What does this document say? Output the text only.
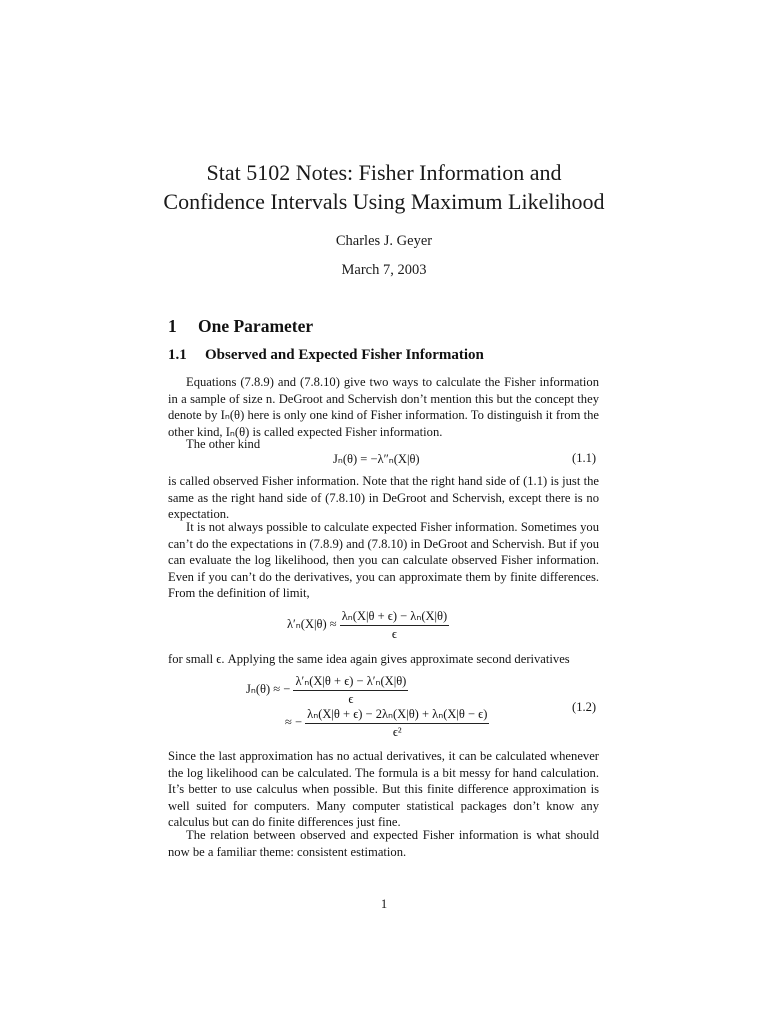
Stat 5102 Notes: Fisher Information and
Confidence Intervals Using Maximum Likelihood
Charles J. Geyer
March 7, 2003
1 One Parameter
1.1 Observed and Expected Fisher Information
Equations (7.8.9) and (7.8.10) give two ways to calculate the Fisher information in a sample of size n. DeGroot and Schervish don’t mention this but the concept they denote by Iₙ(θ) here is only one kind of Fisher information. To distinguish it from the other kind, Iₙ(θ) is called expected Fisher information.
The other kind
Jₙ(θ) = −λ″ₙ(X|θ)	(1.1)
is called observed Fisher information. Note that the right hand side of (1.1) is just the same as the right hand side of (7.8.10) in DeGroot and Schervish, except there is no expectation.
It is not always possible to calculate expected Fisher information. Sometimes you can’t do the expectations in (7.8.9) and (7.8.10) in DeGroot and Schervish. But if you can evaluate the log likelihood, then you can calculate observed Fisher information. Even if you can’t do the derivatives, you can approximate them by finite differences. From the definition of limit,
$\lambda'_n(X|\theta) \approx \frac{\text{λₙ(X|θ + ϵ) − λₙ(X|θ)}}{\epsilon}$
for small ϵ. Applying the same idea again gives approximate second derivatives
Jₙ(θ) ≈ − $\frac{\text{λ′ₙ(X|θ + ϵ) − λ′ₙ(X|θ)}}{\epsilon}$
≈ − $\frac{\text{λₙ(X|θ + ϵ) − 2λₙ(X|θ) + λₙ(X|θ − ϵ)}}{\text{ϵ²}}$	(1.2)
Since the last approximation has no actual derivatives, it can be calculated whenever the log likelihood can be calculated. The formula is a bit messy for hand calculation. It’s better to use calculus when possible. But this finite difference approximation is well suited for computers. Many computer statistical packages don’t know any calculus but can do finite differences just fine.
The relation between observed and expected Fisher information is what should now be a familiar theme: consistent estimation.
1
